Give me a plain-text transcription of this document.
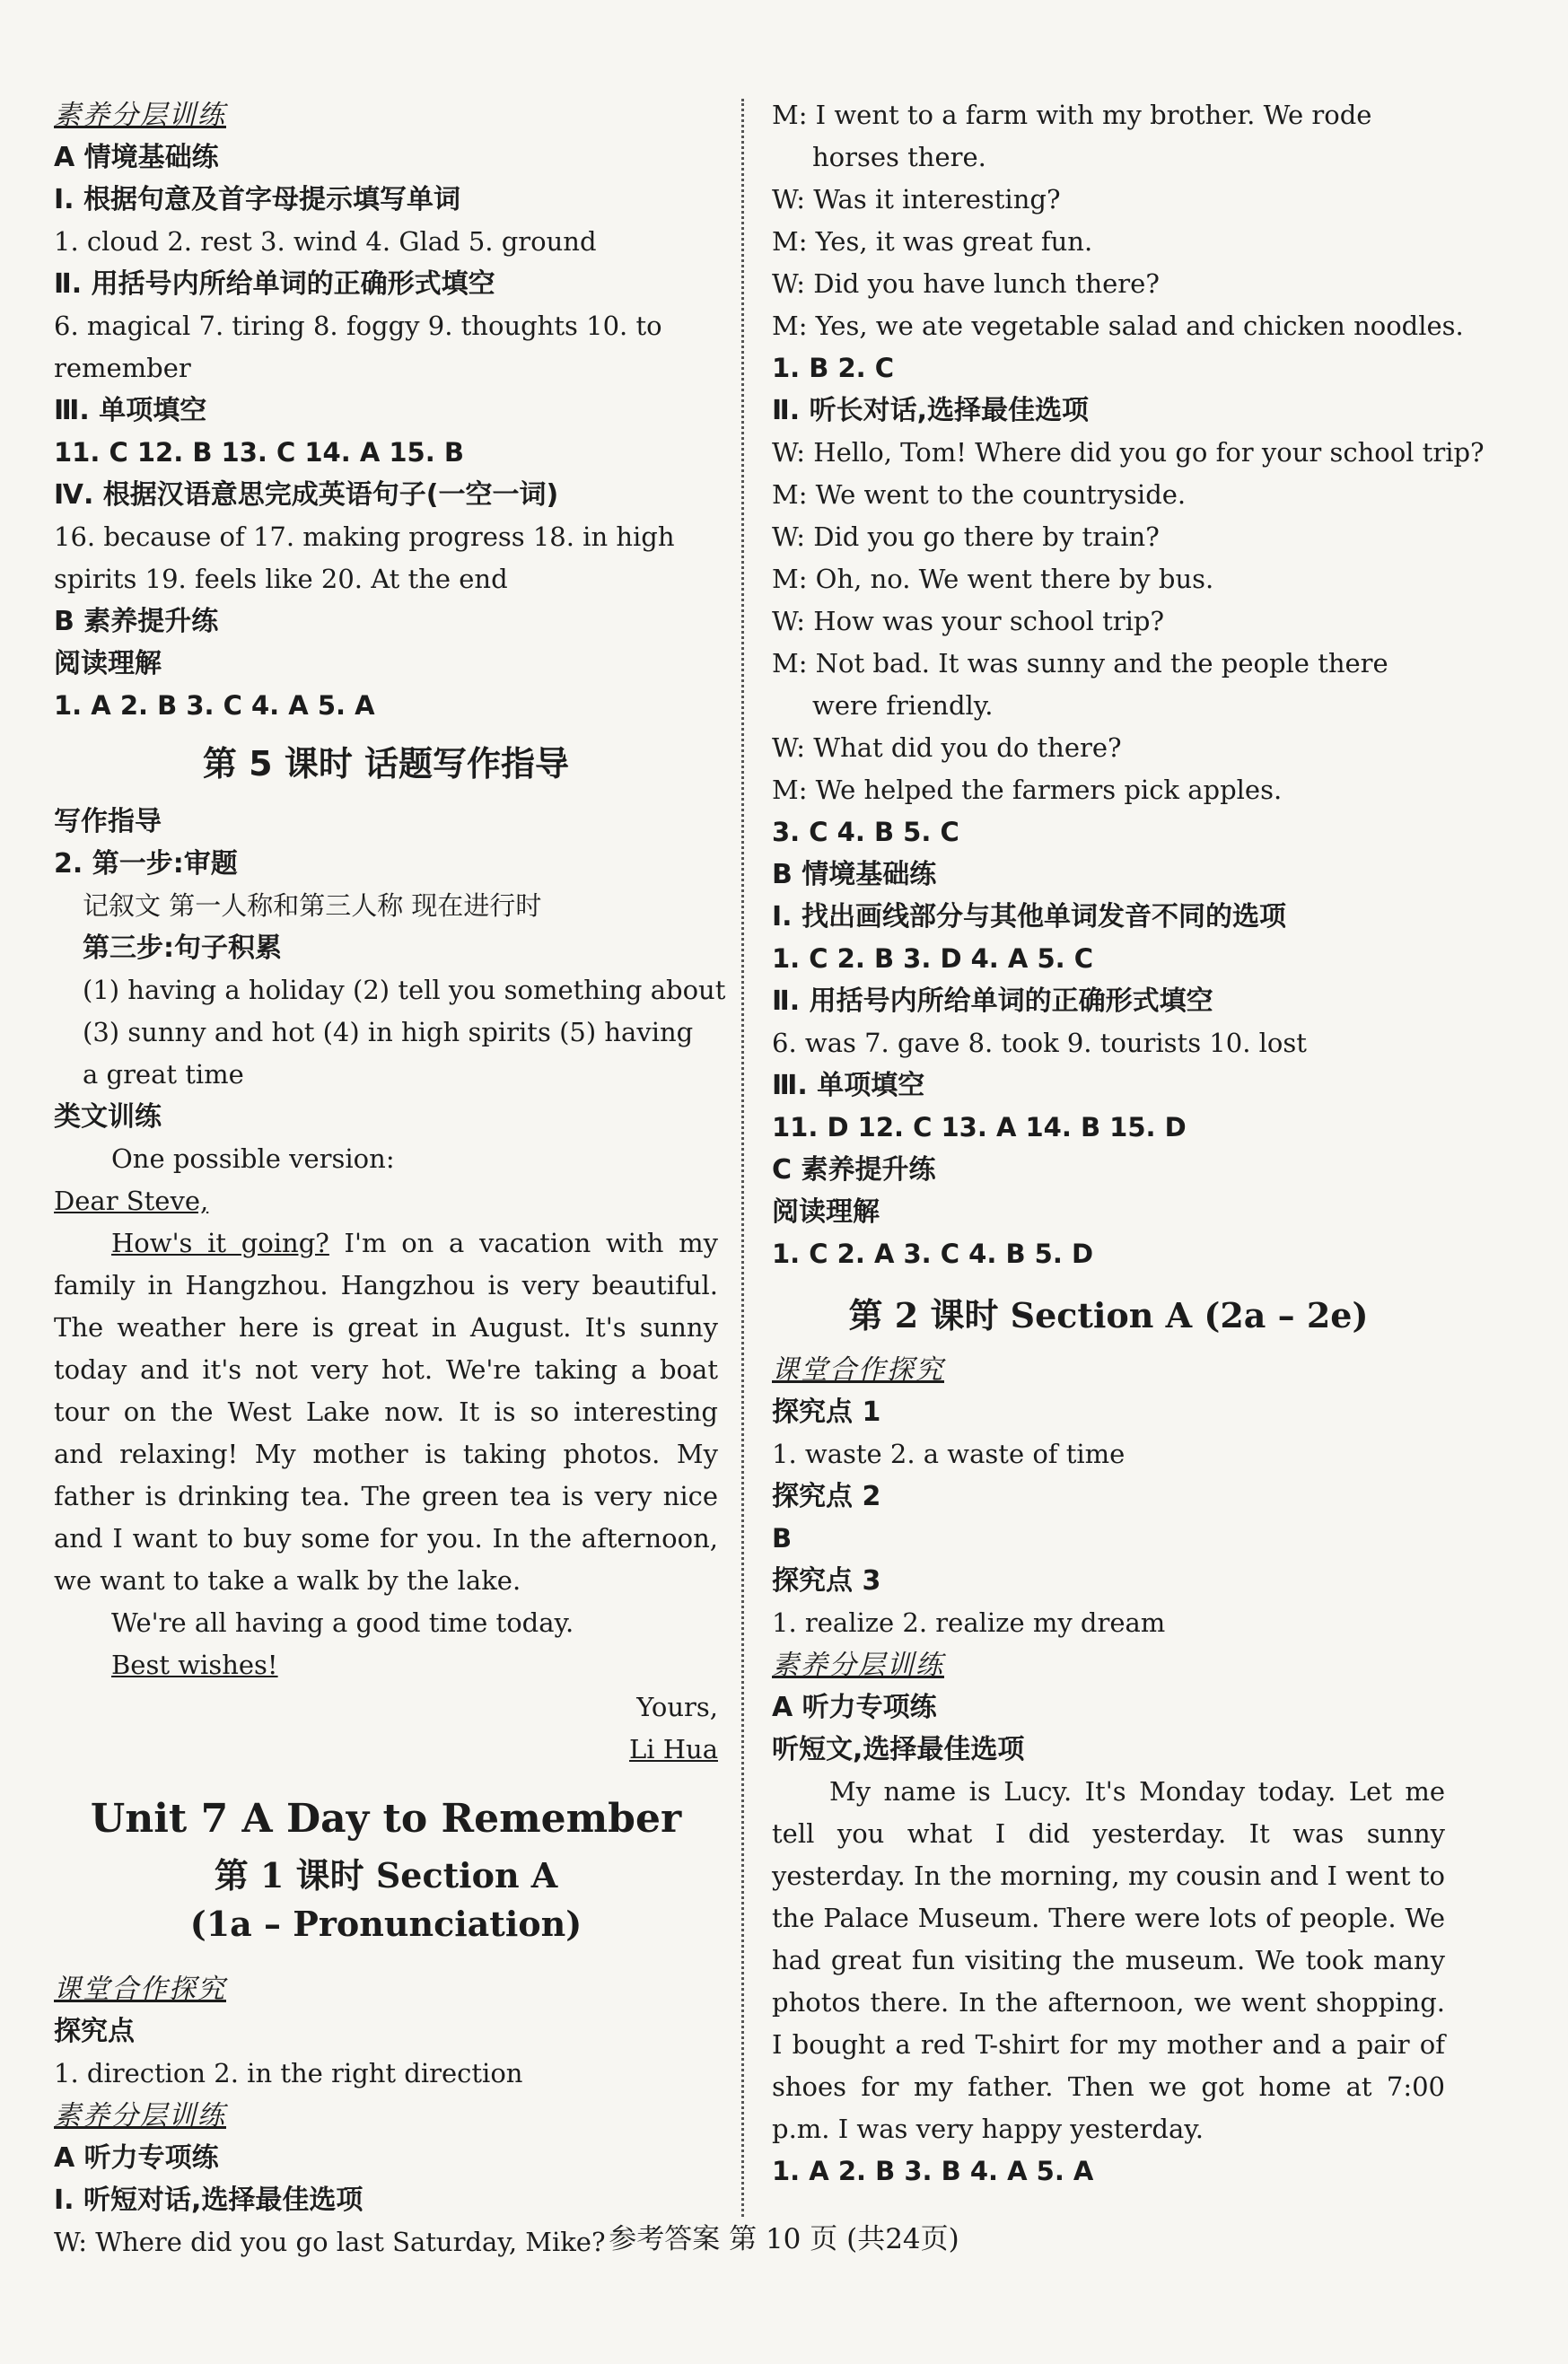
素养分层训练
A 情境基础练
Ⅰ. 根据句意及首字母提示填写单词
1. cloud 2. rest 3. wind 4. Glad 5. ground
Ⅱ. 用括号内所给单词的正确形式填空
6. magical 7. tiring 8. foggy 9. thoughts 10. to
remember
Ⅲ. 单项填空
11. C 12. B 13. C 14. A 15. B
Ⅳ. 根据汉语意思完成英语句子(一空一词)
16. because of 17. making progress 18. in high
spirits 19. feels like 20. At the end
B 素养提升练
阅读理解
1. A 2. B 3. C 4. A 5. A
第 5 课时 话题写作指导
写作指导
2. 第一步:审题
记叙文 第一人称和第三人称 现在进行时
第三步:句子积累
(1) having a holiday (2) tell you something about
(3) sunny and hot (4) in high spirits (5) having
a great time
类文训练
One possible version:
Dear Steve,
How's it going? I'm on a vacation with my family in Hangzhou. Hangzhou is very beautiful. The weather here is great in August. It's sunny today and it's not very hot. We're taking a boat tour on the West Lake now. It is so interesting and relaxing! My mother is taking photos. My father is drinking tea. The green tea is very nice and I want to buy some for you. In the afternoon, we want to take a walk by the lake.
We're all having a good time today.
Best wishes!
Yours,
Li Hua
Unit 7 A Day to Remember
第 1 课时 Section A
(1a – Pronunciation)
课堂合作探究
探究点
1. direction 2. in the right direction
素养分层训练
A 听力专项练
Ⅰ. 听短对话,选择最佳选项
W: Where did you go last Saturday, Mike?
M: I went to a farm with my brother. We rode horses there.
W: Was it interesting?
M: Yes, it was great fun.
W: Did you have lunch there?
M: Yes, we ate vegetable salad and chicken noodles.
1. B 2. C
Ⅱ. 听长对话,选择最佳选项
W: Hello, Tom! Where did you go for your school trip?
M: We went to the countryside.
W: Did you go there by train?
M: Oh, no. We went there by bus.
W: How was your school trip?
M: Not bad. It was sunny and the people there were friendly.
W: What did you do there?
M: We helped the farmers pick apples.
3. C 4. B 5. C
B 情境基础练
Ⅰ. 找出画线部分与其他单词发音不同的选项
1. C 2. B 3. D 4. A 5. C
Ⅱ. 用括号内所给单词的正确形式填空
6. was 7. gave 8. took 9. tourists 10. lost
Ⅲ. 单项填空
11. D 12. C 13. A 14. B 15. D
C 素养提升练
阅读理解
1. C 2. A 3. C 4. B 5. D
第 2 课时 Section A (2a – 2e)
课堂合作探究
探究点 1
1. waste 2. a waste of time
探究点 2
B
探究点 3
1. realize 2. realize my dream
素养分层训练
A 听力专项练
听短文,选择最佳选项
My name is Lucy. It's Monday today. Let me tell you what I did yesterday. It was sunny yesterday. In the morning, my cousin and I went to the Palace Museum. There were lots of people. We had great fun visiting the museum. We took many photos there. In the afternoon, we went shopping. I bought a red T-shirt for my mother and a pair of shoes for my father. Then we got home at 7:00 p.m. I was very happy yesterday.
1. A 2. B 3. B 4. A 5. A
参考答案 第 10 页 (共24页)
